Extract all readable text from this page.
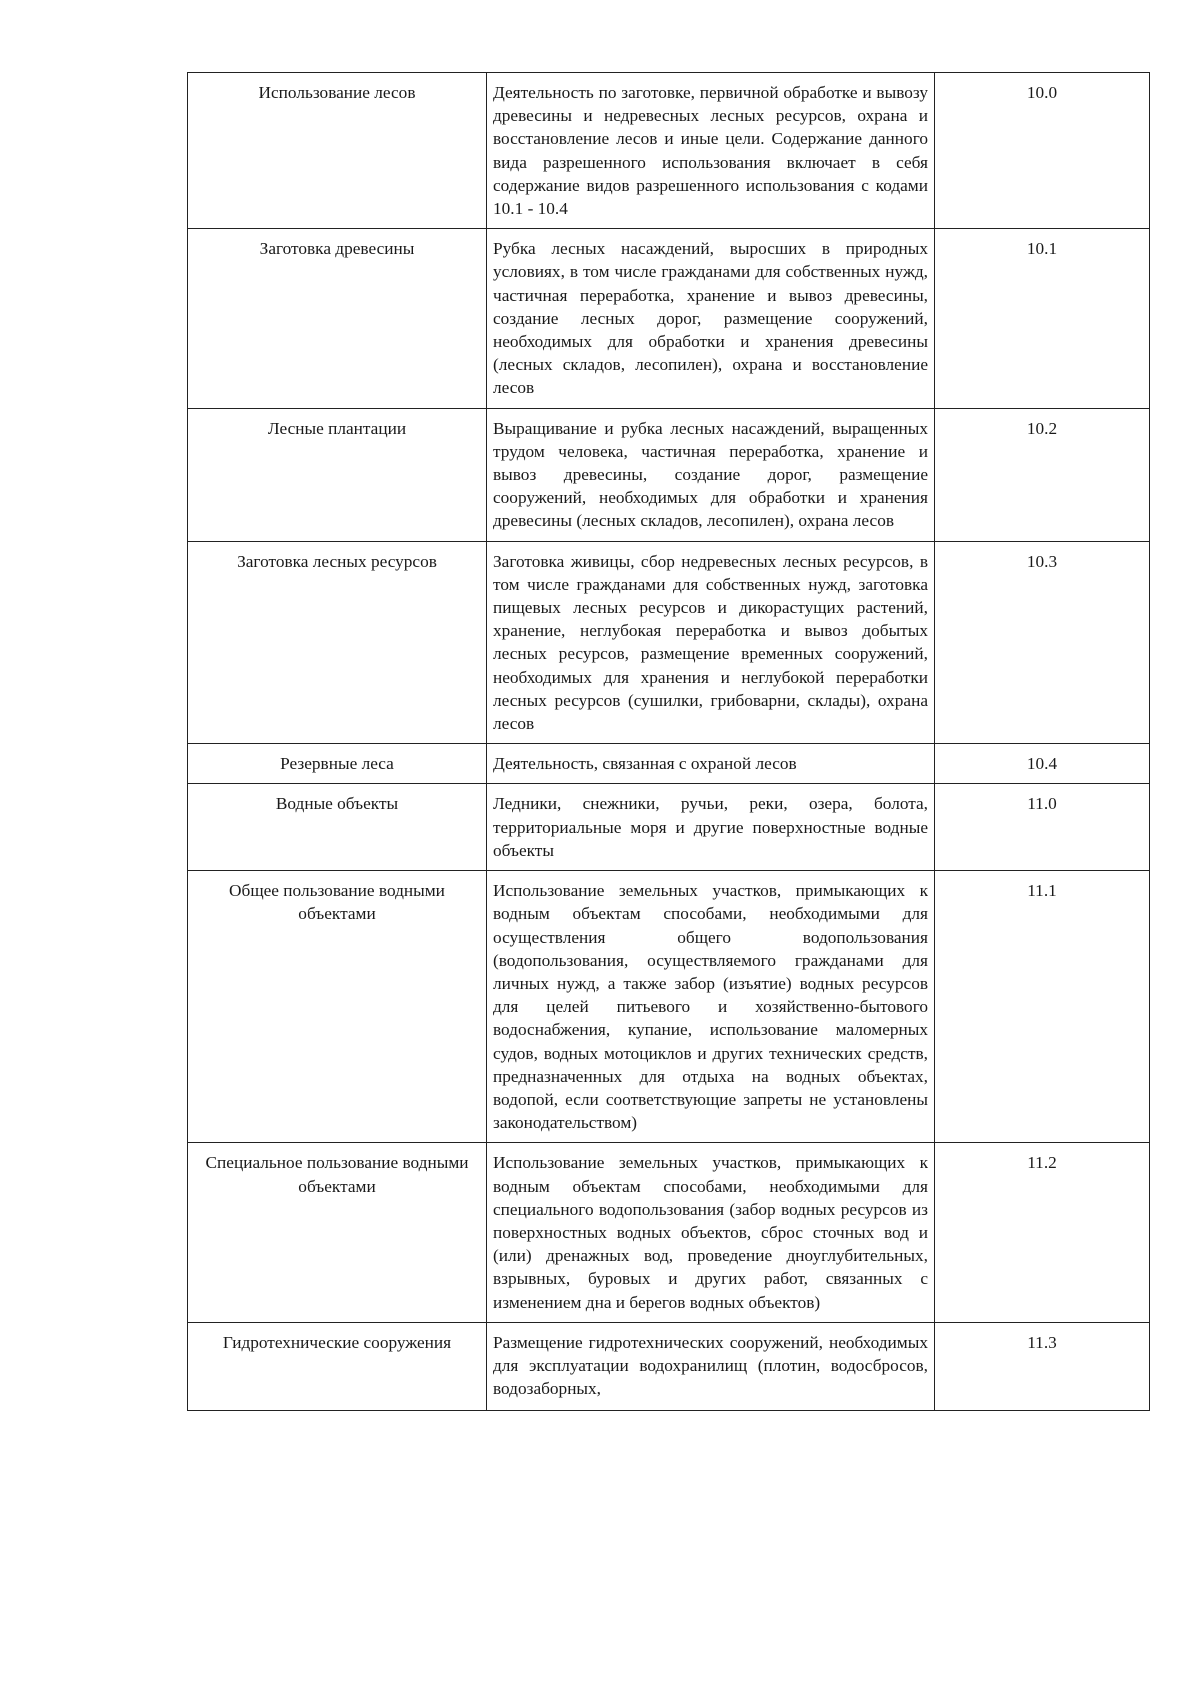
Использование лесов	Деятельность по заготовке, первичной обработке и вывозу древесины и недревесных лесных ресурсов, охрана и восстановление лесов и иные цели. Содержание данного вида разрешенного использования включает в себя содержание видов разрешенного использования с кодами 10.1 - 10.4	10.0
Заготовка древесины	Рубка лесных насаждений, выросших в природных условиях, в том числе гражданами для собственных нужд, частичная переработка, хранение и вывоз древесины, создание лесных дорог, размещение сооружений, необходимых для обработки и хранения древесины (лесных складов, лесопилен), охрана и восстановление лесов	10.1
Лесные плантации	Выращивание и рубка лесных насаждений, выращенных трудом человека, частичная переработка, хранение и вывоз древесины, создание дорог, размещение сооружений, необходимых для обработки и хранения древесины (лесных складов, лесопилен), охрана лесов	10.2
Заготовка лесных ресурсов	Заготовка живицы, сбор недревесных лесных ресурсов, в том числе гражданами для собственных нужд, заготовка пищевых лесных ресурсов и дикорастущих растений, хранение, неглубокая переработка и вывоз добытых лесных ресурсов, размещение временных сооружений, необходимых для хранения и неглубокой переработки лесных ресурсов (сушилки, грибоварни, склады), охрана лесов	10.3
Резервные леса	Деятельность, связанная с охраной лесов	10.4
Водные объекты	Ледники, снежники, ручьи, реки, озера, болота, территориальные моря и другие поверхностные водные объекты	11.0
Общее пользование водными объектами	Использование земельных участков, примыкающих к водным объектам способами, необходимыми для осуществления общего водопользования (водопользования, осуществляемого гражданами для личных нужд, а также забор (изъятие) водных ресурсов для целей питьевого и хозяйственно-бытового водоснабжения, купание, использование маломерных судов, водных мотоциклов и других технических средств, предназначенных для отдыха на водных объектах, водопой, если соответствующие запреты не установлены законодательством)	11.1
Специальное пользование водными объектами	Использование земельных участков, примыкающих к водным объектам способами, необходимыми для специального водопользования (забор водных ресурсов из поверхностных водных объектов, сброс сточных вод и (или) дренажных вод, проведение дноуглубительных, взрывных, буровых и других работ, связанных с изменением дна и берегов водных объектов)	11.2
Гидротехнические сооружения	Размещение гидротехнических сооружений, необходимых для эксплуатации водохранилищ (плотин, водосбросов, водозаборных,	11.3
